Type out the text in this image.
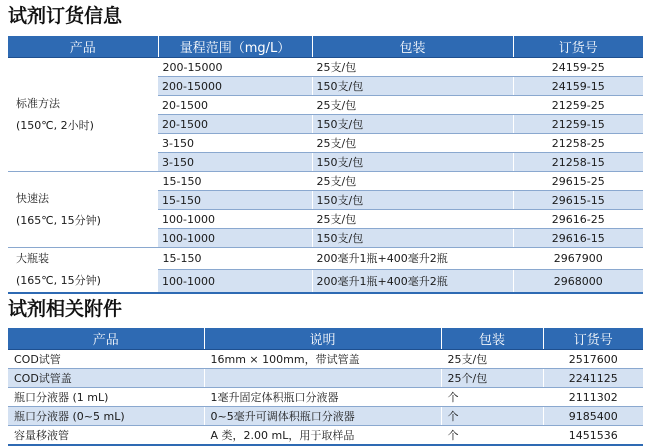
试剂订货信息
产品	量程范围（mg/L）	包装	订货号

标准方法
(150℃, 2小时)	200-15000	25支/包	24159-25
	200-15000	150支/包	24159-15
	20-1500	25支/包	21259-25
	20-1500	150支/包	21259-15
	3-150	25支/包	21258-25
	3-150	150支/包	21258-15

快速法
(165℃, 15分钟)	15-150	25支/包	29615-25
	15-150	150支/包	29615-15
	100-1000	25支/包	29616-25
	100-1000	150支/包	29616-15

大瓶装
(165℃, 15分钟)	15-150	200毫升1瓶+400毫升2瓶	2967900
	100-1000	200毫升1瓶+400毫升2瓶	2968000
试剂相关附件
产品	说明	包装	订货号
COD试管	16mm × 100mm，带试管盖	25支/包	2517600
COD试管盖		25个/包	2241125
瓶口分液器 (1 mL)	1毫升固定体积瓶口分液器	个	2111302
瓶口分液器 (0~5 mL)	0~5毫升可调体积瓶口分液器	个	9185400
容量移液管	A 类，2.00 mL，用于取样品	个	1451536
